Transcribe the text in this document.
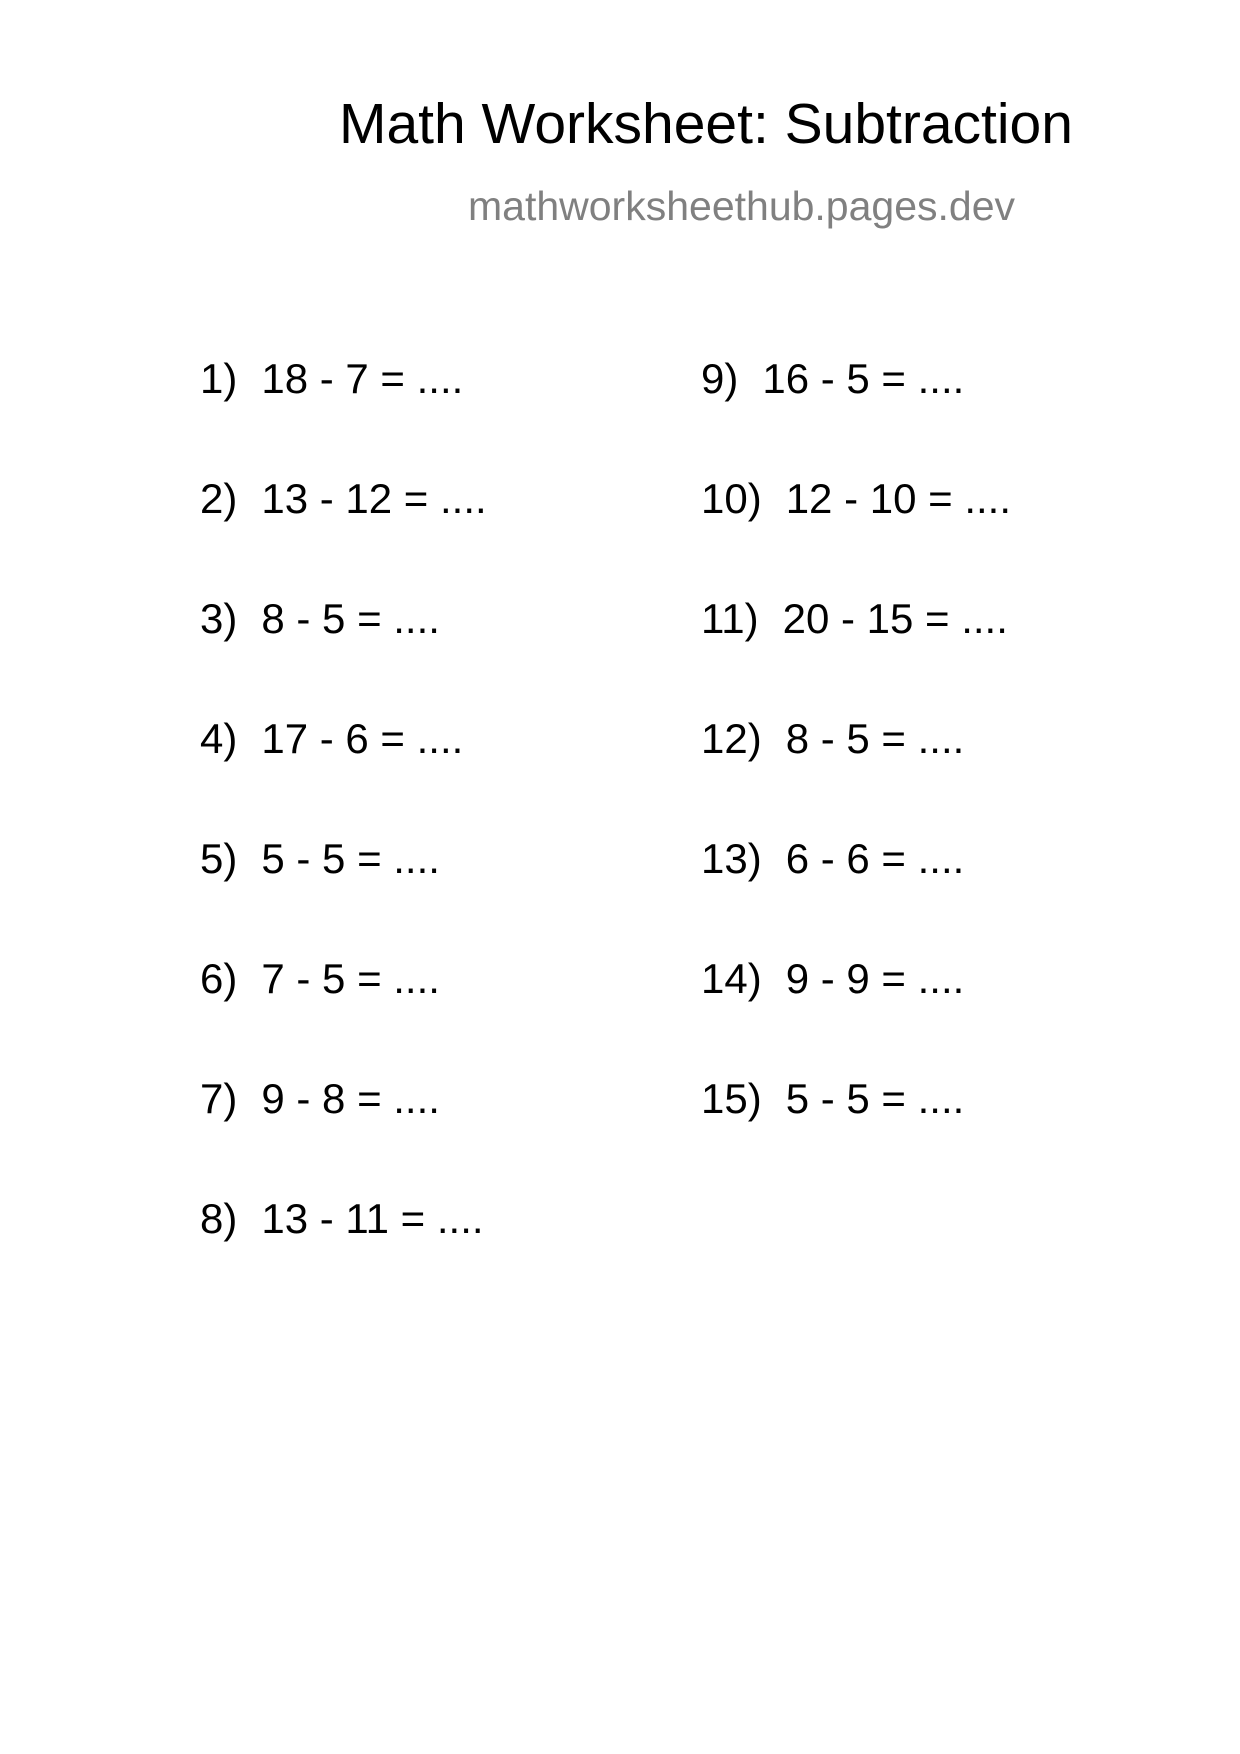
Math Worksheet: Subtraction
mathworksheethub.pages.dev
1) 18 - 7 = ....
2) 13 - 12 = ....
3) 8 - 5 = ....
4) 17 - 6 = ....
5) 5 - 5 = ....
6) 7 - 5 = ....
7) 9 - 8 = ....
8) 13 - 11 = ....
9) 16 - 5 = ....
10) 12 - 10 = ....
11) 20 - 15 = ....
12) 8 - 5 = ....
13) 6 - 6 = ....
14) 9 - 9 = ....
15) 5 - 5 = ....
